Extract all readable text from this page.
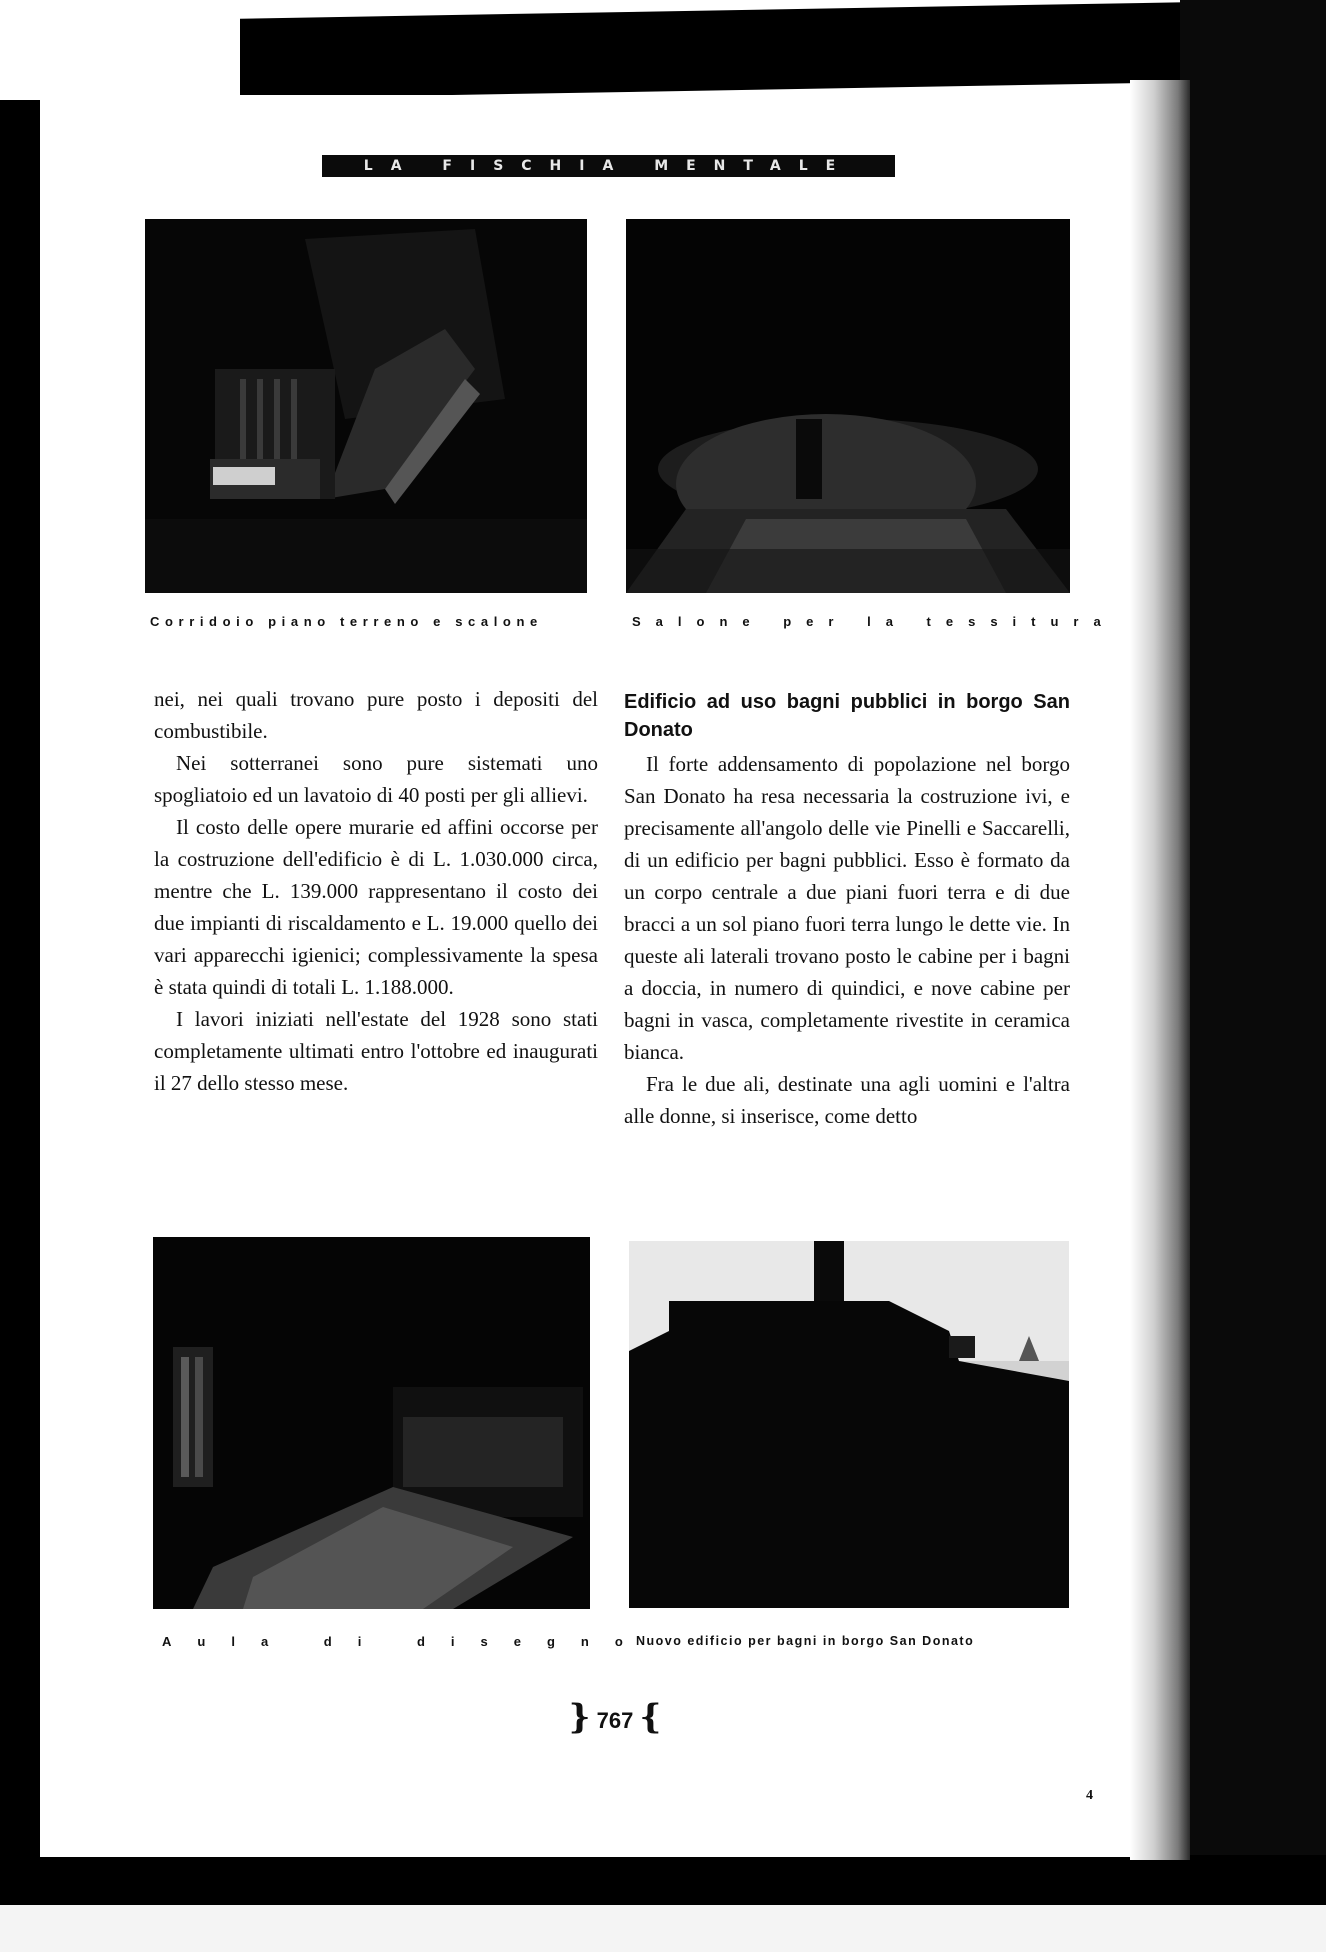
LA FISCHIA MENTALE
Corridoio piano terreno e scalone	Salone per la tessitura

nei, nei quali trovano pure posto i depositi del combustibile.

Nei sotterranei sono pure sistemati uno spogliatoio ed un lavatoio di 40 posti per gli allievi.

Il costo delle opere murarie ed affini occorse per la costruzione dell'edificio è di L. 1.030.000 circa, mentre che L. 139.000 rappresentano il costo dei due impianti di riscaldamento e L. 19.000 quello dei vari apparecchi igienici; complessivamente la spesa è stata quindi di totali L. 1.188.000.

I lavori iniziati nell'estate del 1928 sono stati completamente ultimati entro l'ottobre ed inaugurati il 27 dello stesso mese.

Edificio ad uso bagni pubblici in borgo San Donato

Il forte addensamento di popolazione nel borgo San Donato ha resa necessaria la costruzione ivi, e precisamente all'angolo delle vie Pinelli e Saccarelli, di un edificio per bagni pubblici. Esso è formato da un corpo centrale a due piani fuori terra e di due bracci a un sol piano fuori terra lungo le dette vie. In queste ali laterali trovano posto le cabine per i bagni a doccia, in numero di quindici, e nove cabine per bagni in vasca, completamente rivestite in ceramica bianca.

Fra le due ali, destinate una agli uomini e l'altra alle donne, si inserisce, come detto

Aula di disegno
Nuovo edificio per bagni in borgo San Donato
} 767 {
4
